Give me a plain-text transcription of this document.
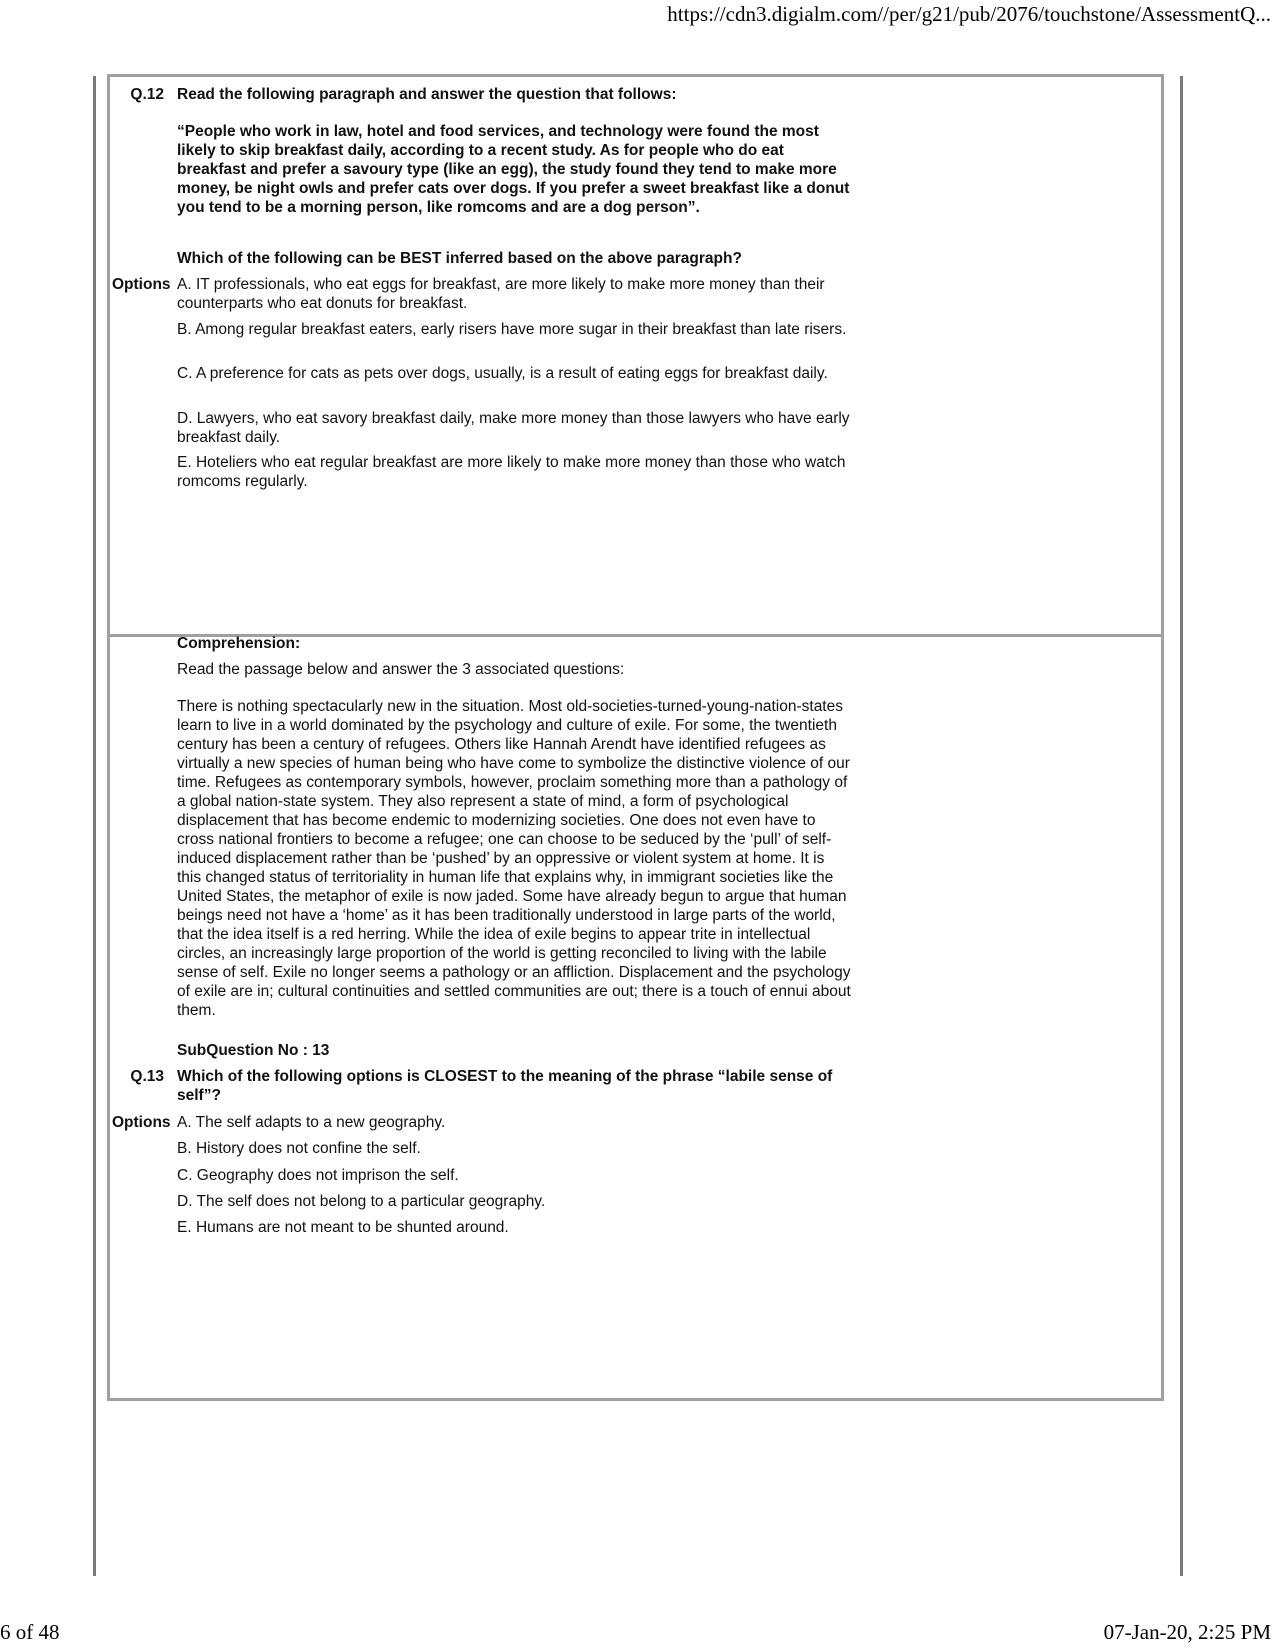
https://cdn3.digialm.com//per/g21/pub/2076/touchstone/AssessmentQ...
Q.12 Read the following paragraph and answer the question that follows:
“People who work in law, hotel and food services, and technology were found the most likely to skip breakfast daily, according to a recent study. As for people who do eat breakfast and prefer a savoury type (like an egg), the study found they tend to make more money, be night owls and prefer cats over dogs. If you prefer a sweet breakfast like a donut you tend to be a morning person, like romcoms and are a dog person”.
Which of the following can be BEST inferred based on the above paragraph?
Options A. IT professionals, who eat eggs for breakfast, are more likely to make more money than their counterparts who eat donuts for breakfast.
B. Among regular breakfast eaters, early risers have more sugar in their breakfast than late risers.
C. A preference for cats as pets over dogs, usually, is a result of eating eggs for breakfast daily.
D. Lawyers, who eat savory breakfast daily, make more money than those lawyers who have early breakfast daily.
E. Hoteliers who eat regular breakfast are more likely to make more money than those who watch romcoms regularly.
Comprehension:
Read the passage below and answer the 3 associated questions:
There is nothing spectacularly new in the situation. Most old-societies-turned-young-nation-states learn to live in a world dominated by the psychology and culture of exile. For some, the twentieth century has been a century of refugees. Others like Hannah Arendt have identified refugees as virtually a new species of human being who have come to symbolize the distinctive violence of our time. Refugees as contemporary symbols, however, proclaim something more than a pathology of a global nation-state system. They also represent a state of mind, a form of psychological displacement that has become endemic to modernizing societies. One does not even have to cross national frontiers to become a refugee; one can choose to be seduced by the ‘pull’ of self-induced displacement rather than be ‘pushed’ by an oppressive or violent system at home. It is this changed status of territoriality in human life that explains why, in immigrant societies like the United States, the metaphor of exile is now jaded. Some have already begun to argue that human beings need not have a ‘home’ as it has been traditionally understood in large parts of the world, that the idea itself is a red herring. While the idea of exile begins to appear trite in intellectual circles, an increasingly large proportion of the world is getting reconciled to living with the labile sense of self. Exile no longer seems a pathology or an affliction. Displacement and the psychology of exile are in; cultural continuities and settled communities are out; there is a touch of ennui about them.
SubQuestion No : 13
Q.13 Which of the following options is CLOSEST to the meaning of the phrase “labile sense of self”?
Options A. The self adapts to a new geography.
B. History does not confine the self.
C. Geography does not imprison the self.
D. The self does not belong to a particular geography.
E. Humans are not meant to be shunted around.
6 of 48	07-Jan-20, 2:25 PM
